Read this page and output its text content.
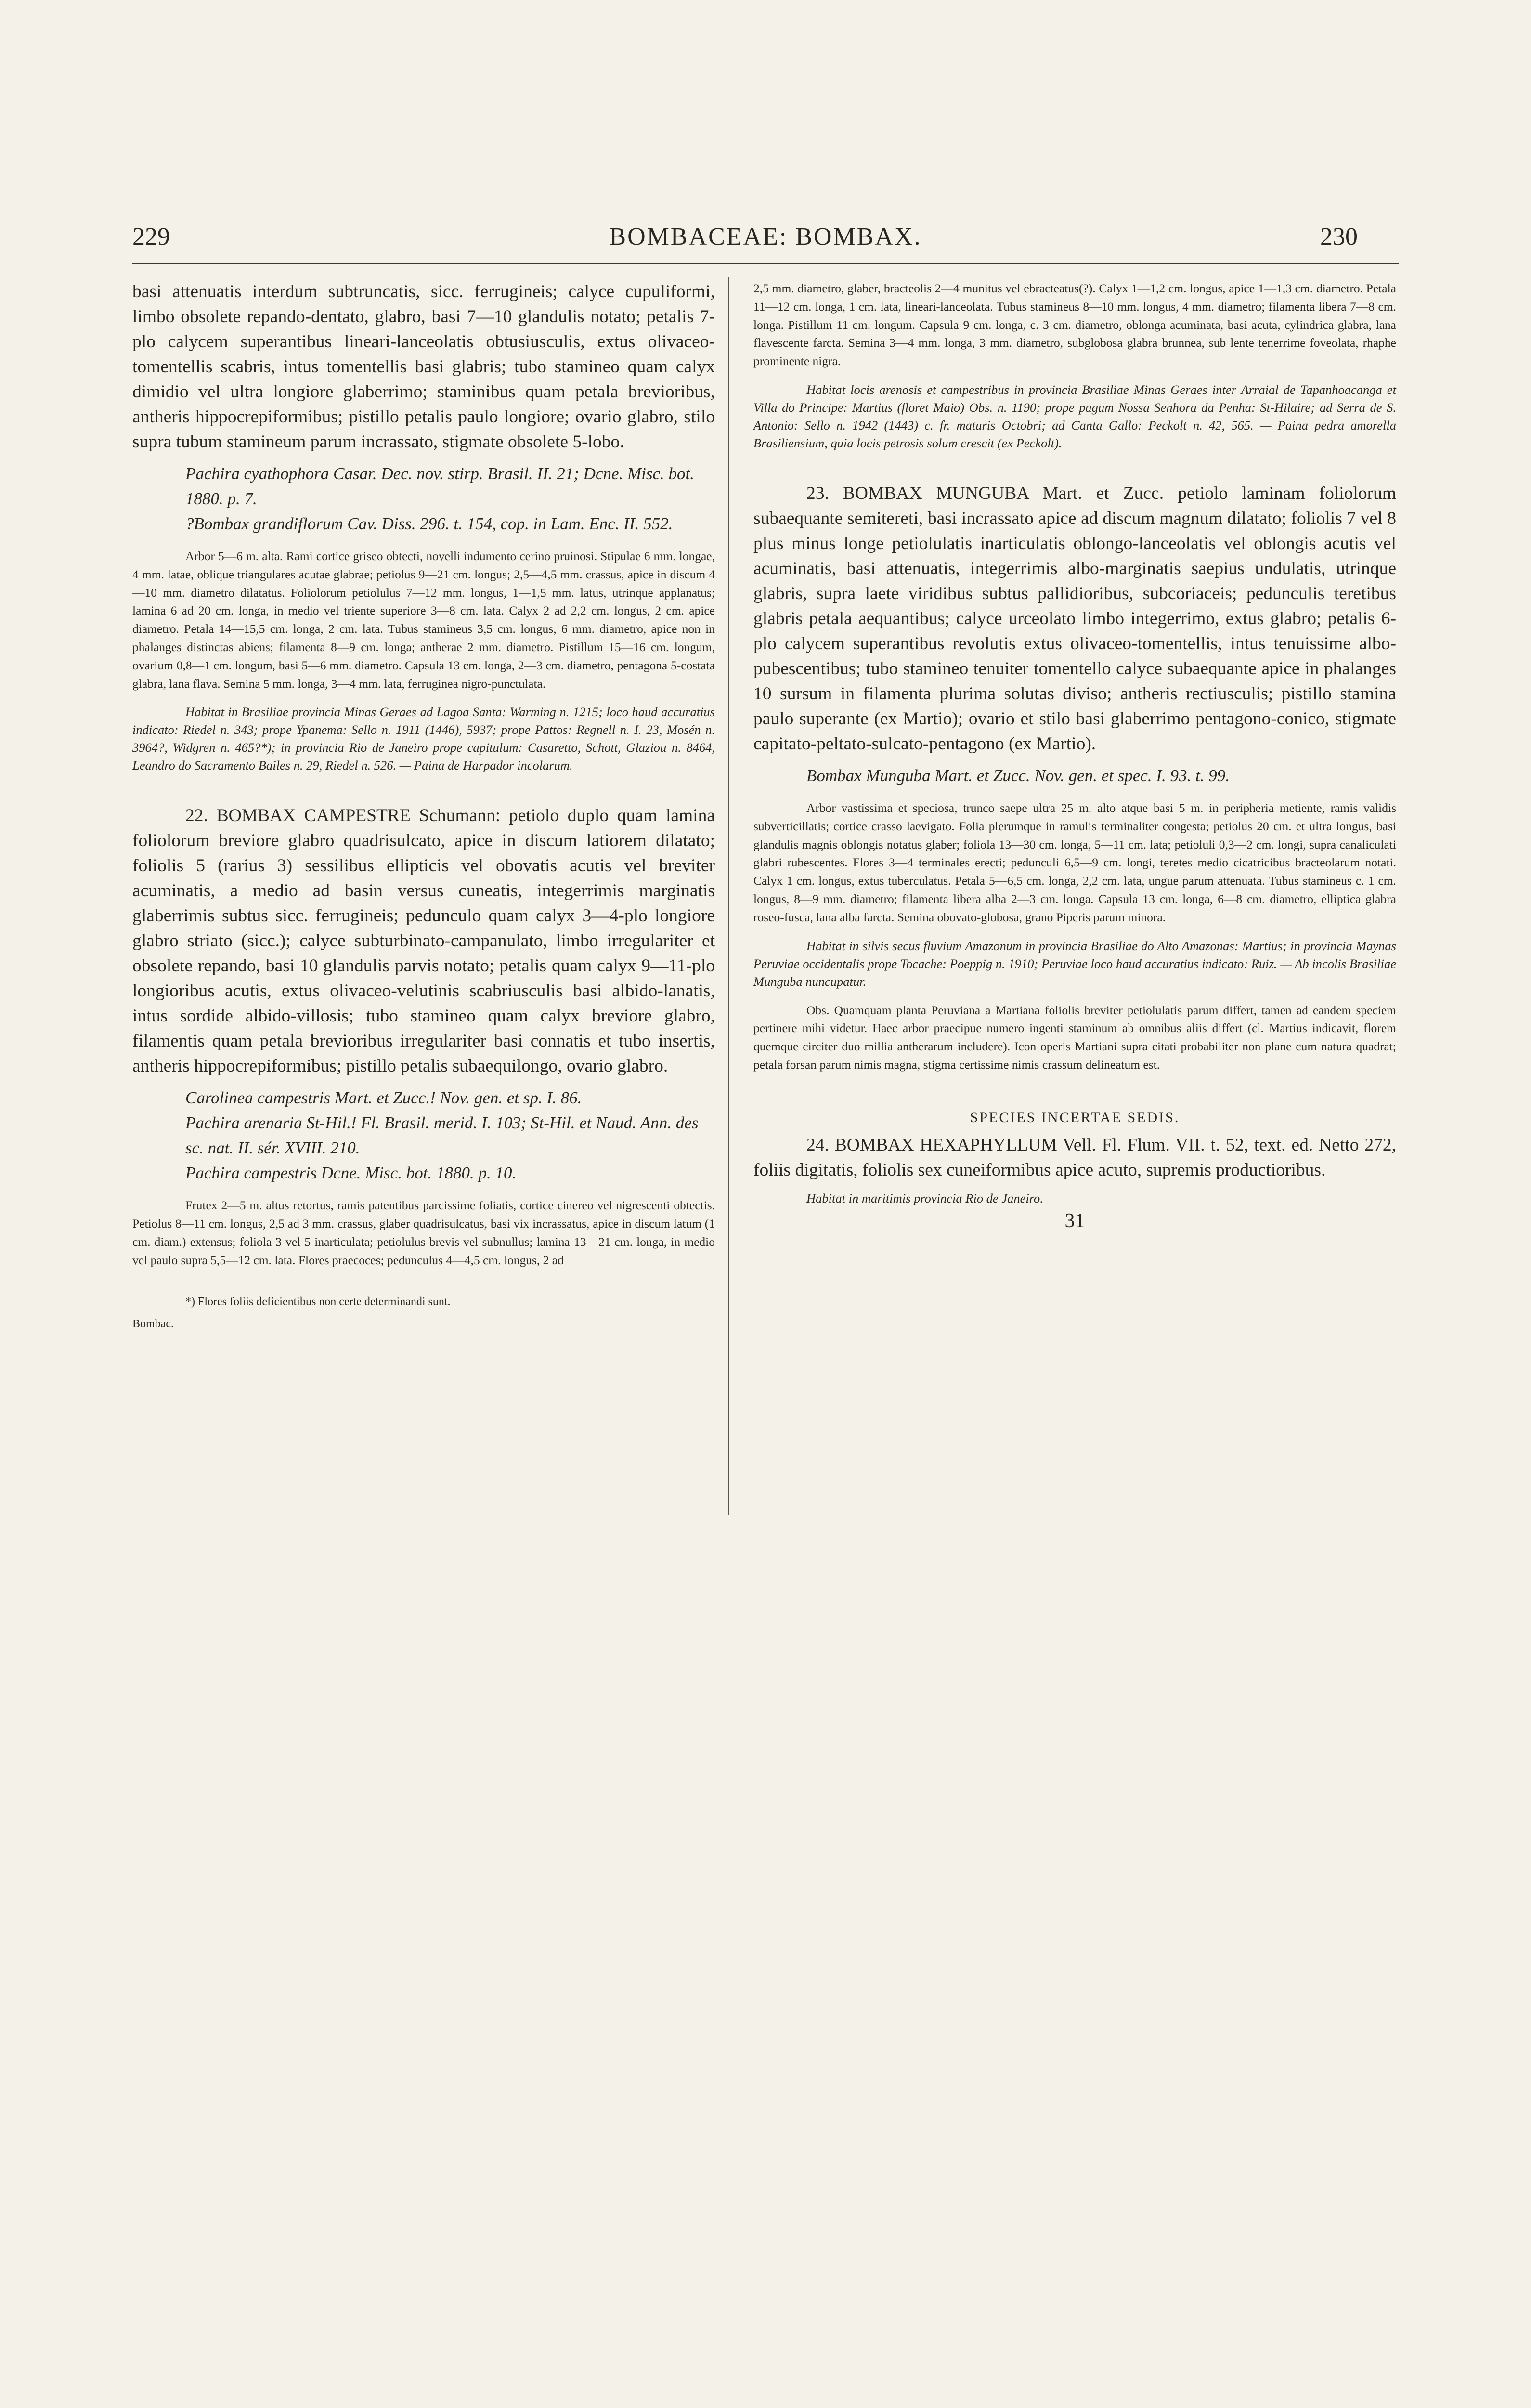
229	BOMBACEAE: BOMBAX.	230

basi attenuatis interdum subtruncatis, sicc. ferrugineis; calyce cupuliformi, limbo obsolete repando-dentato, glabro, basi 7—10 glandulis notato; petalis 7-plo calycem superantibus lineari-lanceolatis obtusiusculis, extus olivaceo-tomentellis scabris, intus tomentellis basi glabris; tubo stamineo quam calyx dimidio vel ultra longiore glaberrimo; staminibus quam petala brevioribus, antheris hippocrepiformibus; pistillo petalis paulo longiore; ovario glabro, stilo supra tubum stamineum parum incrassato, stigmate obsolete 5-lobo.

Pachira cyathophora Casar. Dec. nov. stirp. Brasil. II. 21; Dcne. Misc. bot. 1880. p. 7.

?Bombax grandiflorum Cav. Diss. 296. t. 154, cop. in Lam. Enc. II. 552.

Arbor 5—6 m. alta. Rami cortice griseo obtecti, novelli indumento cerino pruinosi. Stipulae 6 mm. longae, 4 mm. latae, oblique triangulares acutae glabrae; petiolus 9—21 cm. longus; 2,5—4,5 mm. crassus, apice in discum 4—10 mm. diametro dilatatus. Foliolorum petiolulus 7—12 mm. longus, 1—1,5 mm. latus, utrinque applanatus; lamina 6 ad 20 cm. longa, in medio vel triente superiore 3—8 cm. lata. Calyx 2 ad 2,2 cm. longus, 2 cm. apice diametro. Petala 14—15,5 cm. longa, 2 cm. lata. Tubus staminеus 3,5 cm. longus, 6 mm. diametro, apice non in phalanges distinctas abiens; filamenta 8—9 cm. longa; antherae 2 mm. diametro. Pistillum 15—16 cm. longum, ovarium 0,8—1 cm. longum, basi 5—6 mm. diametro. Capsula 13 cm. longa, 2—3 cm. diametro, pentagona 5-costata glabra, lana flava. Semina 5 mm. longa, 3—4 mm. lata, ferruginea nigro-punctulata.

Habitat in Brasiliae provincia Minas Geraes ad Lagoa Santa: Warming n. 1215; loco haud accuratius indicato: Riedel n. 343; prope Ypanema: Sello n. 1911 (1446), 5937; prope Pattos: Regnell n. I. 23, Mosén n. 3964?, Widgren n. 465?*); in provincia Rio de Janeiro prope capitulum: Casaretto, Schott, Glaziou n. 8464, Leandro do Sacramento Bailes n. 29, Riedel n. 526. — Paina de Harpador incolarum.

22. BOMBAX CAMPESTRE Schumann: petiolo duplo quam lamina foliolorum breviore glabro quadrisulcato, apice in discum latiorem dilatato; foliolis 5 (rarius 3) sessilibus ellipticis vel obovatis acutis vel breviter acuminatis, a medio ad basin versus cuneatis, integerrimis marginatis glaberrimis subtus sicc. ferrugineis; pedunculo quam calyx 3—4-plo longiore glabro striato (sicc.); calyce subturbinato-campanulato, limbo irregulariter et obsolete repando, basi 10 glandulis parvis notato; petalis quam calyx 9—11-plo longioribus acutis, extus olivaceo-velutinis scabriusculis basi albido-lanatis, intus sordide albido-villosis; tubo stamineo quam calyx breviore glabro, filamentis quam petala brevioribus irregulariter basi connatis et tubo insertis, antheris hippocrepiformibus; pistillo petalis subaequilongo, ovario glabro.

Carolinea campestris Mart. et Zucc.! Nov. gen. et sp. I. 86.

Pachira arenaria St-Hil.! Fl. Brasil. merid. I. 103; St-Hil. et Naud. Ann. des sc. nat. II. sér. XVIII. 210.

Pachira campestris Dcne. Misc. bot. 1880. p. 10.

Frutex 2—5 m. altus retortus, ramis patentibus parcissime foliatis, cortice cinereo vel nigrescenti obtectis. Petiolus 8—11 cm. longus, 2,5 ad 3 mm. crassus, glaber quadrisulcatus, basi vix incrassatus, apice in discum latum (1 cm. diam.) extensus; foliola 3 vel 5 inarticulata; petiolulus brevis vel subnullus; lamina 13—21 cm. longa, in medio vel paulo supra 5,5—12 cm. lata. Flores praecoces; pedunculus 4—4,5 cm. longus, 2 ad

*) Flores foliis deficientibus non certe determinandi sunt.

Bombac.

2,5 mm. diametro, glaber, bracteolis 2—4 munitus vel ebracteatus(?). Calyx 1—1,2 cm. longus, apice 1—1,3 cm. diametro. Petala 11—12 cm. longa, 1 cm. lata, lineari-lanceolata. Tubus stamineus 8—10 mm. longus, 4 mm. diametro; filamenta libera 7—8 cm. longa. Pistillum 11 cm. longum. Capsula 9 cm. longa, c. 3 cm. diametro, oblonga acuminata, basi acuta, cylindrica glabra, lana flavescente farcta. Semina 3—4 mm. longa, 3 mm. diametro, subglobosa glabra brunnea, sub lente tenerrime foveolata, rhaphe prominente nigra.

Habitat locis arenosis et campestribus in provincia Brasiliae Minas Geraes inter Arraial de Tapanhoacanga et Villa do Principe: Martius (floret Maio) Obs. n. 1190; prope pagum Nossa Senhora da Penha: St-Hilaire; ad Serra de S. Antonio: Sello n. 1942 (1443) c. fr. maturis Octobri; ad Canta Gallo: Peckolt n. 42, 565. — Paina pedra amorella Brasiliensium, quia locis petrosis solum crescit (ex Peckolt).

23. BOMBAX MUNGUBA Mart. et Zucc. petiolo laminam foliolorum subaequante semitereti, basi incrassato apice ad discum magnum dilatato; foliolis 7 vel 8 plus minus longe petiolulatis inarticulatis oblongo-lanceolatis vel oblongis acutis vel acuminatis, basi attenuatis, integerrimis albo-marginatis saepius undulatis, utrinque glabris, supra laete viridibus subtus pallidioribus, subcoriaceis; pedunculis teretibus glabris petala aequantibus; calyce urceolato limbo integerrimo, extus glabro; petalis 6-plo calycem superantibus revolutis extus olivaceo-tomentellis, intus tenuissime albo-pubescentibus; tubo stamineo tenuiter tomentello calyce subaequante apice in phalanges 10 sursum in filamenta plurima solutas diviso; antheris rectiusculis; pistillo stamina paulo superante (ex Martio); ovario et stilo basi glaberrimo pentagono-conico, stigmate capitato-peltato-sulcato-pentagono (ex Martio).

Bombax Munguba Mart. et Zucc. Nov. gen. et spec. I. 93. t. 99.

Arbor vastissima et speciosa, trunco saepe ultra 25 m. alto atque basi 5 m. in peripheria metiente, ramis validis subverticillatis; cortice crasso laevigato. Folia plerumque in ramulis terminaliter congesta; petiolus 20 cm. et ultra longus, basi glandulis magnis oblongis notatus glaber; foliola 13—30 cm. longa, 5—11 cm. lata; petioluli 0,3—2 cm. longi, supra canaliculati glabri rubescentes. Flores 3—4 terminales erecti; pedunculi 6,5—9 cm. longi, teretes medio cicatricibus bracteolarum notati. Calyx 1 cm. longus, extus tuberculatus. Petala 5—6,5 cm. longa, 2,2 cm. lata, ungue parum attenuata. Tubus stamineus c. 1 cm. longus, 8—9 mm. diametro; filamenta libera alba 2—3 cm. longa. Capsula 13 cm. longa, 6—8 cm. diametro, elliptica glabra roseo-fusca, lana alba farcta. Semina obovato-globosa, grano Piperis parum minora.

Habitat in silvis secus fluvium Amazonum in provincia Brasiliae do Alto Amazonas: Martius; in provincia Maynas Peruviae occidentalis prope Tocache: Poeppig n. 1910; Peruviae loco haud accuratius indicato: Ruiz. — Ab incolis Brasiliae Munguba nuncupatur.

Obs. Quamquam planta Peruviana a Martiana foliolis breviter petiolulatis parum differt, tamen ad eandem speciem pertinere mihi videtur. Haec arbor praecipue numero ingenti staminum ab omnibus aliis differt (cl. Martius indicavit, florem quemque circiter duo millia antherarum includere). Icon operis Martiani supra citati probabiliter non plane cum natura quadrat; petala forsan parum nimis magna, stigma certissime nimis crassum delineatum est.

SPECIES INCERTAE SEDIS.

24. BOMBAX HEXAPHYLLUM Vell. Fl. Flum. VII. t. 52, text. ed. Netto 272, foliis digitatis, foliolis sex cuneiformibus apice acuto, supremis productioribus.

Habitat in maritimis provincia Rio de Janeiro.

31
